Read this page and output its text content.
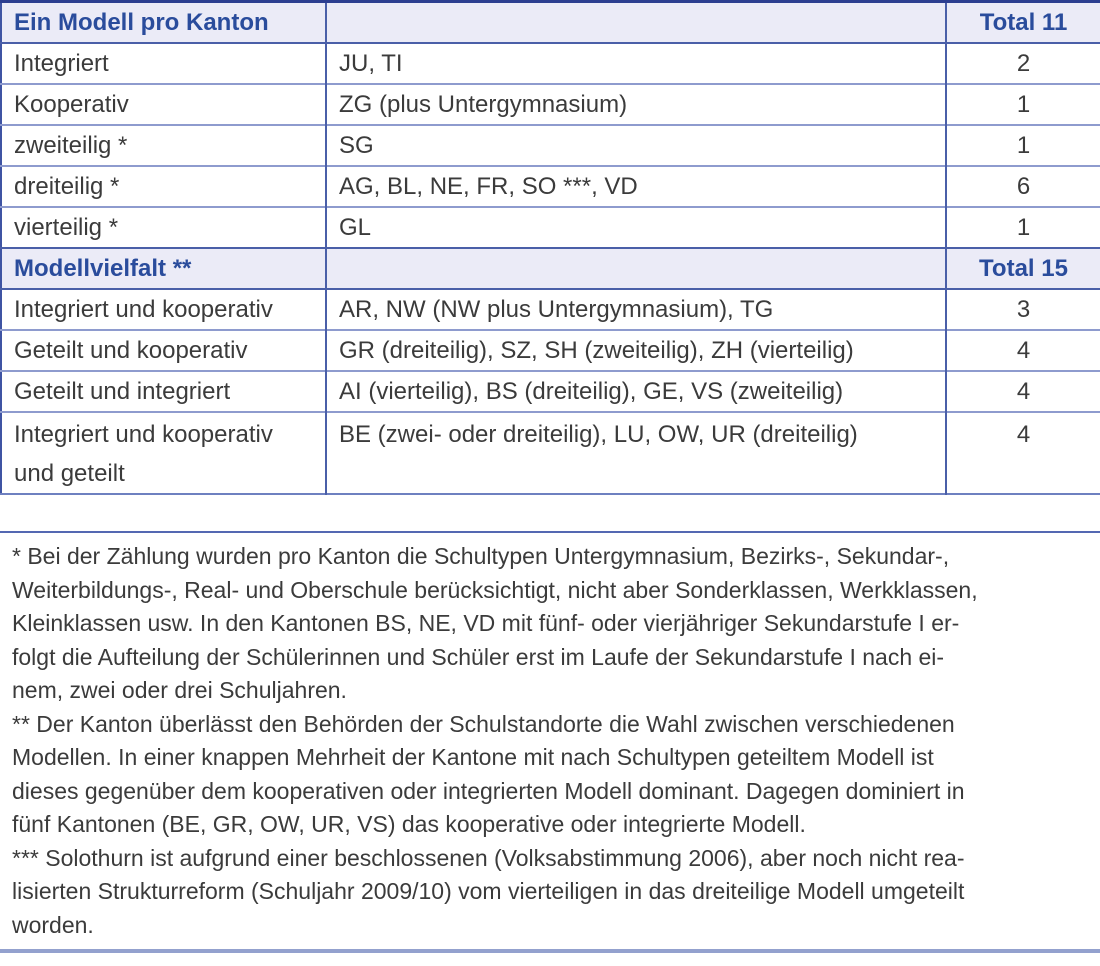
Ein Modell pro Kanton		Total 11
Integriert	JU, TI	2
Kooperativ	ZG (plus Untergymnasium)	1
zweiteilig *	SG	1
dreiteilig *	AG, BL, NE, FR, SO ***, VD	6
vierteilig *	GL	1
Modellvielfalt **		Total 15
Integriert und kooperativ	AR, NW (NW plus Untergymnasium), TG	3
Geteilt und kooperativ	GR (dreiteilig), SZ, SH (zweiteilig), ZH (vierteilig)	4
Geteilt und integriert	AI (vierteilig), BS (dreiteilig), GE, VS (zweiteilig)	4
Integriert und kooperativ und geteilt	BE (zwei- oder dreiteilig), LU, OW, UR (dreiteilig)	4
* Bei der Zählung wurden pro Kanton die Schultypen Untergymnasium, Bezirks-, Sekundar-,
Weiterbildungs-, Real- und Oberschule berücksichtigt, nicht aber Sonderklassen, Werkklassen,
Kleinklassen usw. In den Kantonen BS, NE, VD mit fünf- oder vierjähriger Sekundarstufe I er-
folgt die Aufteilung der Schülerinnen und Schüler erst im Laufe der Sekundarstufe I nach ei-
nem, zwei oder drei Schuljahren.
** Der Kanton überlässt den Behörden der Schulstandorte die Wahl zwischen verschiedenen
Modellen. In einer knappen Mehrheit der Kantone mit nach Schultypen geteiltem Modell ist
dieses gegenüber dem kooperativen oder integrierten Modell dominant. Dagegen dominiert in
fünf Kantonen (BE, GR, OW, UR, VS) das kooperative oder integrierte Modell.
*** Solothurn ist aufgrund einer beschlossenen (Volksabstimmung 2006), aber noch nicht rea-
lisierten Strukturreform (Schuljahr 2009/10) vom vierteiligen in das dreiteilige Modell umgeteilt
worden.
